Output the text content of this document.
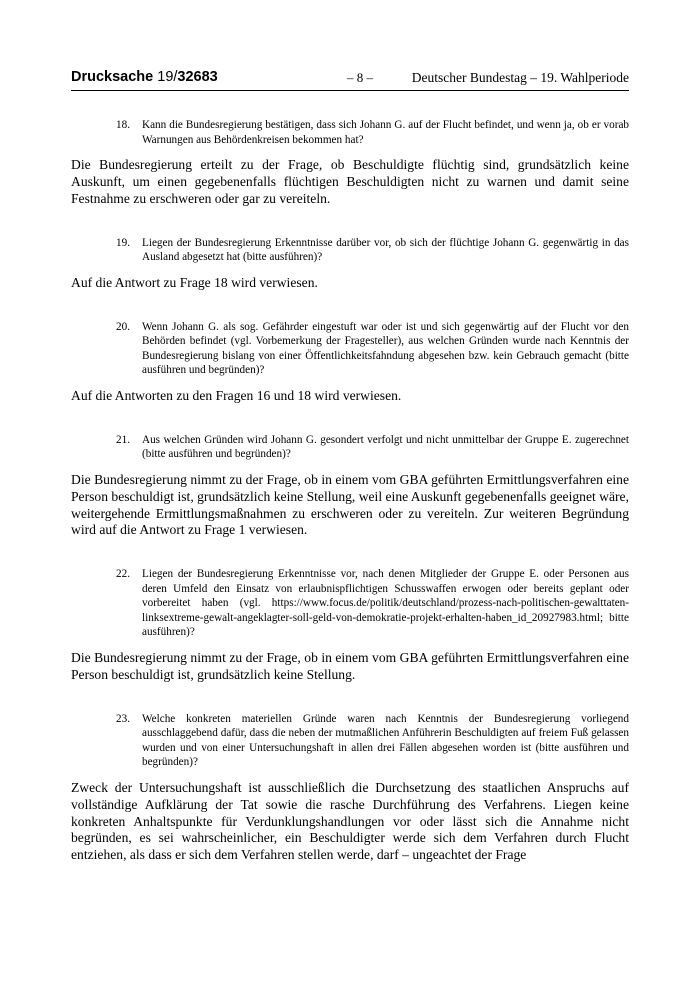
Drucksache 19/32683	– 8 –	Deutscher Bundestag – 19. Wahlperiode
18. Kann die Bundesregierung bestätigen, dass sich Johann G. auf der Flucht befindet, und wenn ja, ob er vorab Warnungen aus Behördenkreisen bekommen hat?

Die Bundesregierung erteilt zu der Frage, ob Beschuldigte flüchtig sind, grundsätzlich keine Auskunft, um einen gegebenenfalls flüchtigen Beschuldigten nicht zu warnen und damit seine Festnahme zu erschweren oder gar zu vereiteln.

19. Liegen der Bundesregierung Erkenntnisse darüber vor, ob sich der flüchtige Johann G. gegenwärtig in das Ausland abgesetzt hat (bitte ausführen)?

Auf die Antwort zu Frage 18 wird verwiesen.

20. Wenn Johann G. als sog. Gefährder eingestuft war oder ist und sich gegenwärtig auf der Flucht vor den Behörden befindet (vgl. Vorbemerkung der Fragesteller), aus welchen Gründen wurde nach Kenntnis der Bundesregierung bislang von einer Öffentlichkeitsfahndung abgesehen bzw. kein Gebrauch gemacht (bitte ausführen und begründen)?

Auf die Antworten zu den Fragen 16 und 18 wird verwiesen.

21. Aus welchen Gründen wird Johann G. gesondert verfolgt und nicht unmittelbar der Gruppe E. zugerechnet (bitte ausführen und begründen)?

Die Bundesregierung nimmt zu der Frage, ob in einem vom GBA geführten Ermittlungsverfahren eine Person beschuldigt ist, grundsätzlich keine Stellung, weil eine Auskunft gegebenenfalls geeignet wäre, weitergehende Ermittlungsmaßnahmen zu erschweren oder zu vereiteln. Zur weiteren Begründung wird auf die Antwort zu Frage 1 verwiesen.

22. Liegen der Bundesregierung Erkenntnisse vor, nach denen Mitglieder der Gruppe E. oder Personen aus deren Umfeld den Einsatz von erlaubnispflichtigen Schusswaffen erwogen oder bereits geplant oder vorbereitet haben (vgl. https://www.focus.de/politik/deutschland/prozess-nach-politischen-gewalttaten-linksextreme-gewalt-angeklagter-soll-geld-von-demokratie-projekt-erhalten-haben_id_20927983.html; bitte ausführen)?

Die Bundesregierung nimmt zu der Frage, ob in einem vom GBA geführten Ermittlungsverfahren eine Person beschuldigt ist, grundsätzlich keine Stellung.

23. Welche konkreten materiellen Gründe waren nach Kenntnis der Bundesregierung vorliegend ausschlaggebend dafür, dass die neben der mutmaßlichen Anführerin Beschuldigten auf freiem Fuß gelassen wurden und von einer Untersuchungshaft in allen drei Fällen abgesehen worden ist (bitte ausführen und begründen)?

Zweck der Untersuchungshaft ist ausschließlich die Durchsetzung des staatlichen Anspruchs auf vollständige Aufklärung der Tat sowie die rasche Durchführung des Verfahrens. Liegen keine konkreten Anhaltspunkte für Verdunklungshandlungen vor oder lässt sich die Annahme nicht begründen, es sei wahrscheinlicher, ein Beschuldigter werde sich dem Verfahren durch Flucht entziehen, als dass er sich dem Verfahren stellen werde, darf – ungeachtet der Frage
